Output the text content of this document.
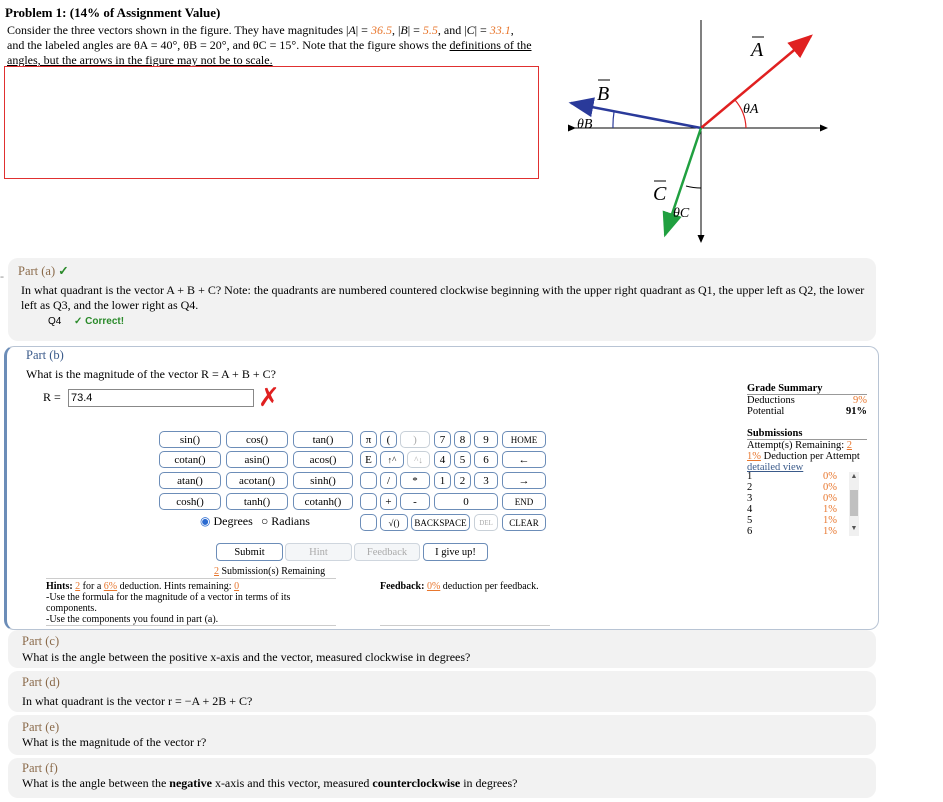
Problem 1: (14% of Assignment Value)
Consider the three vectors shown in the figure. They have magnitudes |A| = 36.5, |B| = 5.5, and |C| = 33.1, and the labeled angles are θA = 40°, θB = 20°, and θC = 15°. Note that the figure shows the definitions of the angles, but the arrows in the figure may not be to scale.	A
B
C
θA
θB
θC
- Part (a) ✓
In what quadrant is the vector A + B + C? Note: the quadrants are numbered countered clockwise beginning with the upper right quadrant as Q1, the upper left as Q2, the lower left as Q3, and the lower right as Q4.
Q4 ✓ Correct!
Part (b)
What is the magnitude of the vector R = A + B + C?
R =
73.4	✗
sin()	cos()	tan()
cotan()	asin()	acos()
atan()	acotan()	sinh()
cosh()	tanh()	cotanh()
◉ Degrees ○ Radians
π	(	)	7	8	9	HOME
E	↑^	^↓	4	5	6	←
/	*	1	2	3	→
+	-	0	END
√()	BACKSPACE	DEL	CLEAR
Submit	Hint	Feedback	I give up!
2 Submission(s) Remaining
Hints: 2 for a 6% deduction. Hints remaining: 0
-Use the formula for the magnitude of a vector in terms of its components.
-Use the components you found in part (a).
Feedback: 0% deduction per feedback.
Grade Summary
Deductions	9%
Potential	91%
Submissions
Attempt(s) Remaining: 2
1% Deduction per Attempt
detailed view
1	0%
2	0%
3	0%
4	1%
5	1%
6	1%
▲
▼
Part (c)
What is the angle between the positive x-axis and the vector, measured clockwise in degrees?
Part (d)
In what quadrant is the vector r = −A + 2B + C?
Part (e)
What is the magnitude of the vector r?
Part (f)
What is the angle between the negative x-axis and this vector, measured counterclockwise in degrees?
